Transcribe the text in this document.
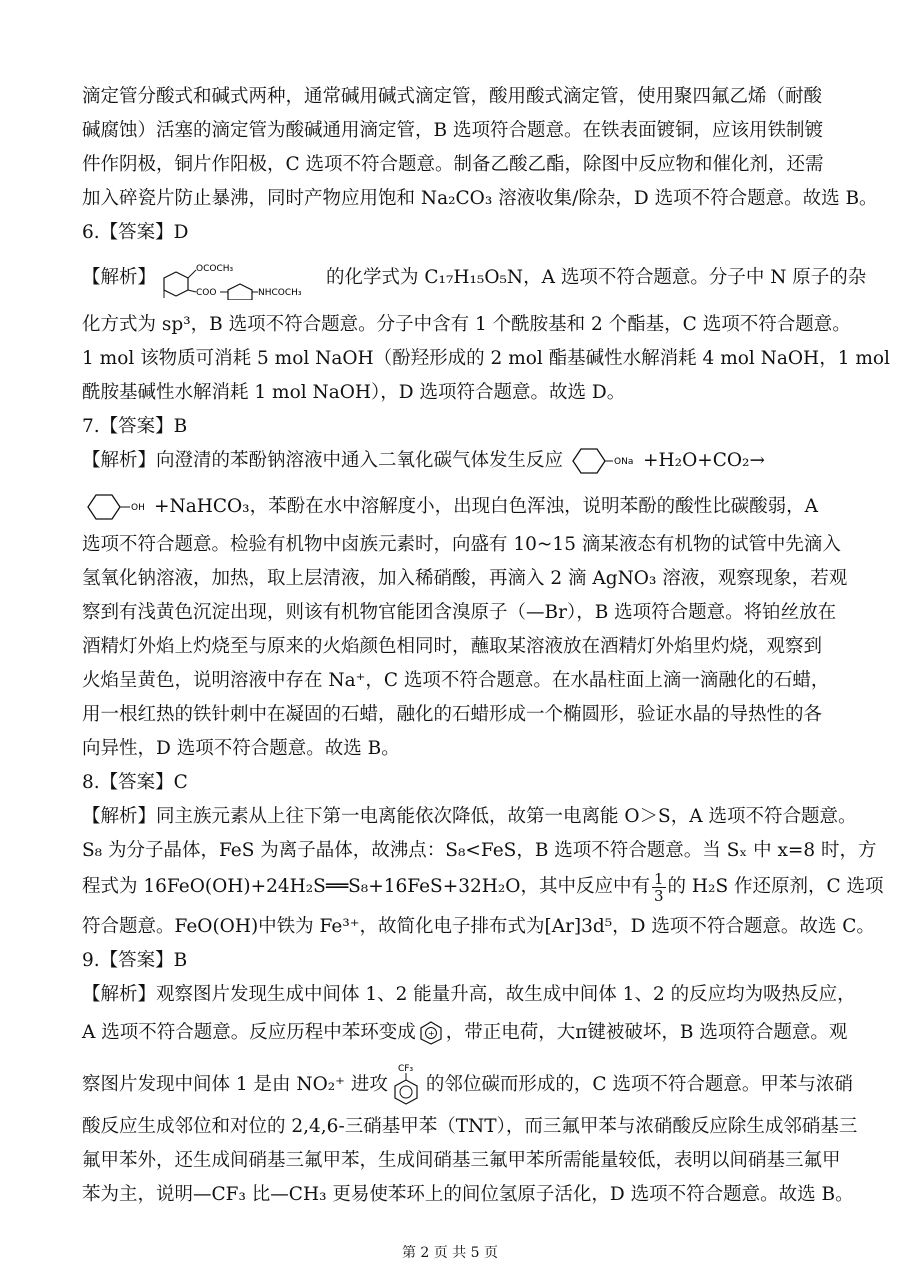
滴定管分酸式和碱式两种，通常碱用碱式滴定管，酸用酸式滴定管，使用聚四氟乙烯（耐酸
碱腐蚀）活塞的滴定管为酸碱通用滴定管，B 选项符合题意。在铁表面镀铜，应该用铁制镀
件作阴极，铜片作阳极，C 选项不符合题意。制备乙酸乙酯，除图中反应物和催化剂，还需
加入碎瓷片防止暴沸，同时产物应用饱和 Na₂CO₃ 溶液收集/除杂，D 选项不符合题意。故选 B。
6.【答案】D
【解析】	OCOCH₃
COO	NHCOCH₃
的化学式为 C₁₇H₁₅O₅N，A 选项不符合题意。分子中 N 原子的杂
化方式为 sp³，B 选项不符合题意。分子中含有 1 个酰胺基和 2 个酯基，C 选项不符合题意。
1 mol 该物质可消耗 5 mol NaOH（酚羟形成的 2 mol 酯基碱性水解消耗 4 mol NaOH，1 mol
酰胺基碱性水解消耗 1 mol NaOH），D 选项符合题意。故选 D。
7.【答案】B
【解析】向澄清的苯酚钠溶液中通入二氧化碳气体发生反应	ONa +H₂O+CO₂→
OH +NaHCO₃，苯酚在水中溶解度小，出现白色浑浊，说明苯酚的酸性比碳酸弱，A
选项不符合题意。检验有机物中卤族元素时，向盛有 10~15 滴某液态有机物的试管中先滴入
氢氧化钠溶液，加热，取上层清液，加入稀硝酸，再滴入 2 滴 AgNO₃ 溶液，观察现象，若观
察到有浅黄色沉淀出现，则该有机物官能团含溴原子（—Br），B 选项符合题意。将铂丝放在
酒精灯外焰上灼烧至与原来的火焰颜色相同时，蘸取某溶液放在酒精灯外焰里灼烧，观察到
火焰呈黄色，说明溶液中存在 Na⁺，C 选项不符合题意。在水晶柱面上滴一滴融化的石蜡，
用一根红热的铁针刺中在凝固的石蜡，融化的石蜡形成一个椭圆形，验证水晶的导热性的各
向异性，D 选项不符合题意。故选 B。
8.【答案】C
【解析】同主族元素从上往下第一电离能依次降低，故第一电离能 O＞S，A 选项不符合题意。
S₈ 为分子晶体，FeS 为离子晶体，故沸点：S₈<FeS，B 选项不符合题意。当 Sₓ 中 x=8 时，方
程式为 16FeO(OH)+24H₂S══S₈+16FeS+32H₂O，其中反应中有 $\frac{1}{3}$ 的 H₂S 作还原剂，C 选项
符合题意。FeO(OH)中铁为 Fe³⁺，故简化电子排布式为[Ar]3d⁵，D 选项不符合题意。故选 C。
9.【答案】B
【解析】观察图片发现生成中间体 1、2 能量升高，故生成中间体 1、2 的反应均为吸热反应，
A 选项不符合题意。反应历程中苯环变成 + ，带正电荷，大π键被破坏，B 选项符合题意。观
察图片发现中间体 1 是由 NO₂⁺ 进攻
CF₃
的邻位碳而形成的，C 选项不符合题意。甲苯与浓硝
酸反应生成邻位和对位的 2,4,6-三硝基甲苯（TNT），而三氟甲苯与浓硝酸反应除生成邻硝基三
氟甲苯外，还生成间硝基三氟甲苯，生成间硝基三氟甲苯所需能量较低，表明以间硝基三氟甲
苯为主，说明—CF₃ 比—CH₃ 更易使苯环上的间位氢原子活化，D 选项不符合题意。故选 B。
第 2 页 共 5 页
